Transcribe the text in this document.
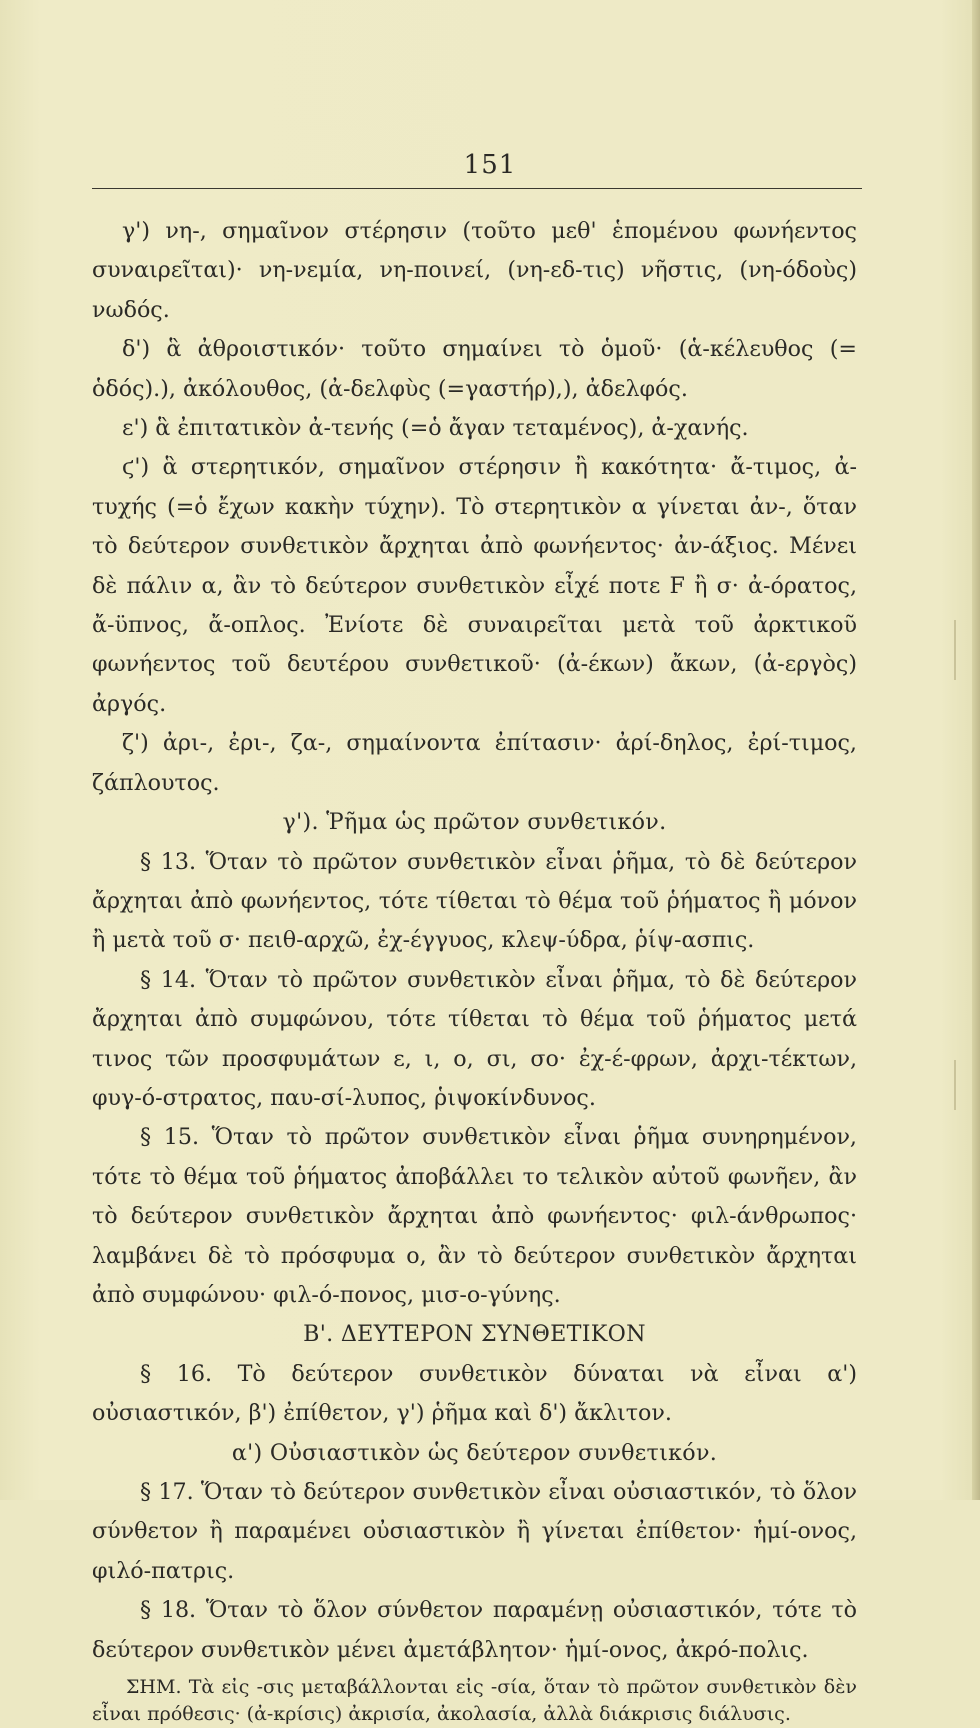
151

γ') νη-, σημαῖνον στέρησιν (τοῦτο μεθ' ἑπομένου φωνήεντος συναιρεῖται)· νη-νεμία, νη-ποινεί, (νη-εδ-τις) νῆστις, (νη-όδοὺς) νωδός.

δ') ἃ ἀθροιστικόν· τοῦτο σημαίνει τὸ ὁμοῦ· (ἁ-κέλευθος (= ὁδός).), ἀκόλουθος, (ἀ-δελφὺς (=γαστήρ),), ἀδελφός.

ε') ἃ ἐπιτατικὸν ἀ-τενής (=ὁ ἄγαν τεταμένος), ἀ-χανής.

ϛ') ἃ στερητικόν, σημαῖνον στέρησιν ἢ κακότητα· ἄ-τιμος, ἀ-τυχής (=ὁ ἔχων κακὴν τύχην). Τὸ στερητικὸν α γίνεται ἀν-, ὅταν τὸ δεύτερον συνθετικὸν ἄρχηται ἀπὸ φωνήεντος· ἀν-άξιος. Μένει δὲ πάλιν α, ἂν τὸ δεύτερον συνθετικὸν εἶχέ ποτε F ἢ σ· ἀ-όρατος, ἄ-ϋπνος, ἄ-οπλος. Ἐνίοτε δὲ συναιρεῖται μετὰ τοῦ ἀρκτικοῦ φωνήεντος τοῦ δευτέρου συνθετικοῦ· (ἀ-έκων) ἄκων, (ἀ-εργὸς) ἀργός.

ζ') ἀρι-, ἐρι-, ζα-, σημαίνοντα ἐπίτασιν· ἀρί-δηλος, ἐρί-τιμος, ζάπλουτος.

γ'). Ῥῆμα ὡς πρῶτον συνθετικόν.

§ 13. Ὅταν τὸ πρῶτον συνθετικὸν εἶναι ῥῆμα, τὸ δὲ δεύτερον ἄρχηται ἀπὸ φωνήεντος, τότε τίθεται τὸ θέμα τοῦ ῥήματος ἢ μόνον ἢ μετὰ τοῦ σ· πειθ-αρχῶ, ἐχ-έγγυος, κλεψ-ύδρα, ῥίψ-ασπις.

§ 14. Ὅταν τὸ πρῶτον συνθετικὸν εἶναι ῥῆμα, τὸ δὲ δεύτερον ἄρχηται ἀπὸ συμφώνου, τότε τίθεται τὸ θέμα τοῦ ῥήματος μετά τινος τῶν προσφυμάτων ε, ι, ο, σι, σο· ἐχ-έ-φρων, ἀρχι-τέκτων, φυγ-ό-στρατος, παυ-σί-λυπος, ῥιψοκίνδυνος.

§ 15. Ὅταν τὸ πρῶτον συνθετικὸν εἶναι ῥῆμα συνηρημένον, τότε τὸ θέμα τοῦ ῥήματος ἀποβάλλει το τελικὸν αὐτοῦ φωνῆεν, ἂν τὸ δεύτερον συνθετικὸν ἄρχηται ἀπὸ φωνήεντος· φιλ-άνθρωπος· λαμβάνει δὲ τὸ πρόσφυμα ο, ἂν τὸ δεύτερον συνθετικὸν ἄρχηται ἀπὸ συμφώνου· φιλ-ό-πονος, μισ-ο-γύνης.

Β'. ΔΕΥΤΕΡΟΝ ΣΥΝΘΕΤΙΚΟΝ

§ 16. Τὸ δεύτερον συνθετικὸν δύναται νὰ εἶναι α') οὐσιαστικόν, β') ἐπίθετον, γ') ῥῆμα καὶ δ') ἄκλιτον.

α') Οὐσιαστικὸν ὡς δεύτερον συνθετικόν.

§ 17. Ὅταν τὸ δεύτερον συνθετικὸν εἶναι οὐσιαστικόν, τὸ ὅλον σύνθετον ἢ παραμένει οὐσιαστικὸν ἢ γίνεται ἐπίθετον· ἡμί-ονος, φιλό-πατρις.

§ 18. Ὅταν τὸ ὅλον σύνθετον παραμένῃ οὐσιαστικόν, τότε τὸ δεύτερον συνθετικὸν μένει ἀμετάβλητον· ἡμί-ονος, ἀκρό-πολις.

ΣΗΜ. Τὰ εἰς -σις μεταβάλλονται εἰς -σία, ὅταν τὸ πρῶτον συνθετικὸν δὲν εἶναι πρόθεσις· (ἀ-κρίσις) ἀκρισία, ἀκολασία, ἀλλὰ διάκρισις διάλυσις.
